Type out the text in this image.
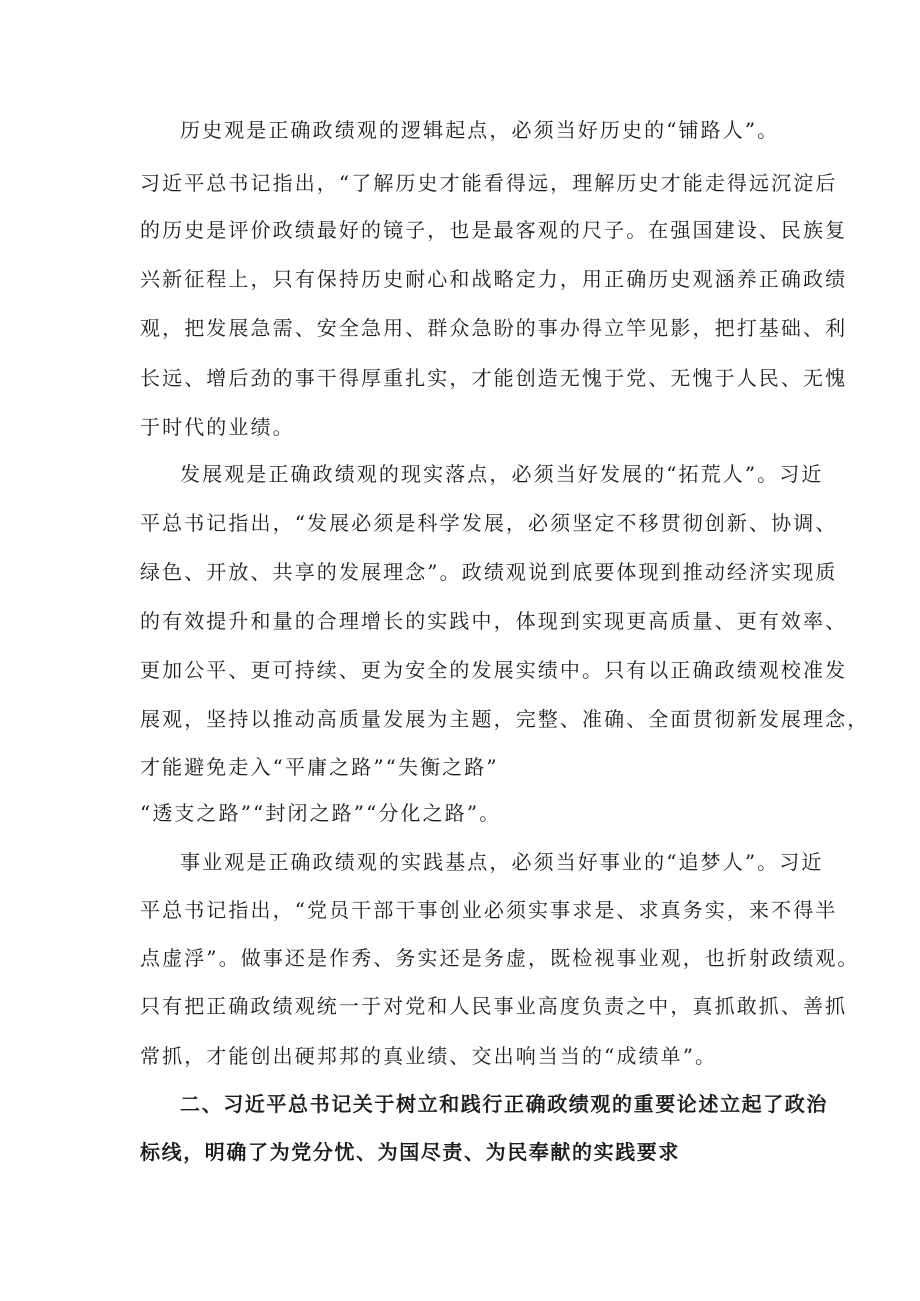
历史观是正确政绩观的逻辑起点，必须当好历史的“铺路人”。
习近平总书记指出，“了解历史才能看得远，理解历史才能走得远沉淀后
的历史是评价政绩最好的镜子，也是最客观的尺子。在强国建设、民族复
兴新征程上，只有保持历史耐心和战略定力，用正确历史观涵养正确政绩
观，把发展急需、安全急用、群众急盼的事办得立竿见影，把打基础、利
长远、增后劲的事干得厚重扎实，才能创造无愧于党、无愧于人民、无愧
于时代的业绩。
发展观是正确政绩观的现实落点，必须当好发展的“拓荒人”。习近
平总书记指出，“发展必须是科学发展，必须坚定不移贯彻创新、协调、
绿色、开放、共享的发展理念”。政绩观说到底要体现到推动经济实现质
的有效提升和量的合理增长的实践中，体现到实现更高质量、更有效率、
更加公平、更可持续、更为安全的发展实绩中。只有以正确政绩观校准发
展观，坚持以推动高质量发展为主题，完整、准确、全面贯彻新发展理念，
才能避免走入“平庸之路”“失衡之路”
“透支之路”“封闭之路”“分化之路”。
事业观是正确政绩观的实践基点，必须当好事业的“追梦人”。习近
平总书记指出，“党员干部干事创业必须实事求是、求真务实，来不得半
点虚浮”。做事还是作秀、务实还是务虚，既检视事业观，也折射政绩观。
只有把正确政绩观统一于对党和人民事业高度负责之中，真抓敢抓、善抓
常抓，才能创出硬邦邦的真业绩、交出响当当的“成绩单”。
二、习近平总书记关于树立和践行正确政绩观的重要论述立起了政治
标线，明确了为党分忧、为国尽责、为民奉献的实践要求
